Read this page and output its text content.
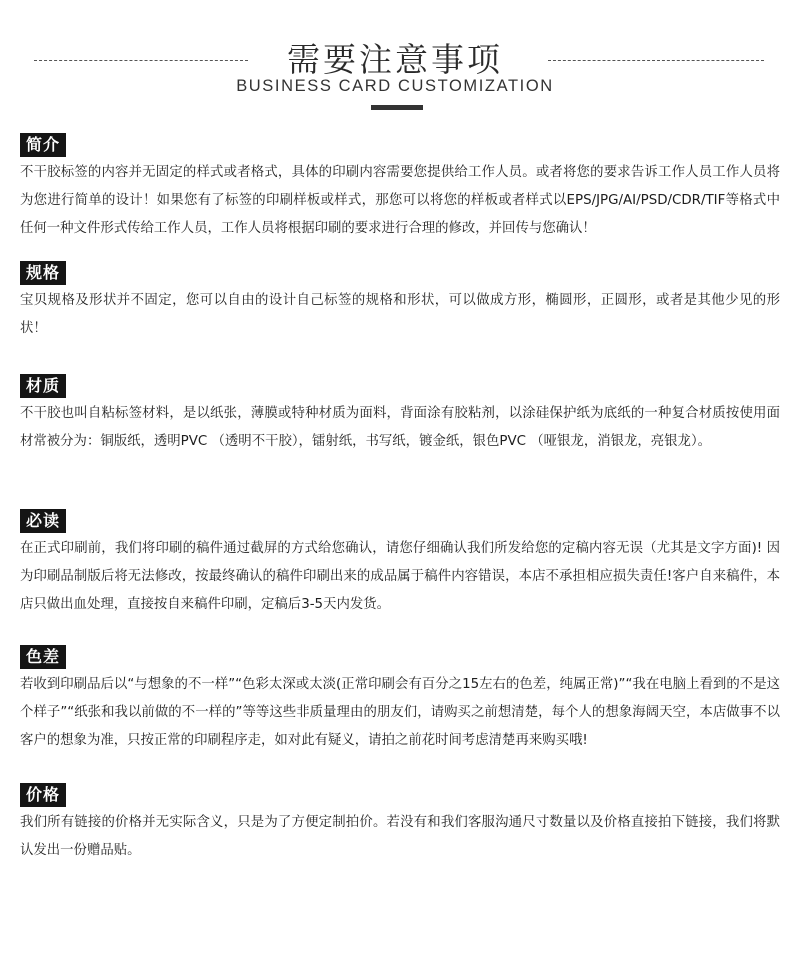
需要注意事项
BUSINESS CARD CUSTOMIZATION
简介
不干胶标签的内容并无固定的样式或者格式，具体的印刷内容需要您提供给工作人员。或者将您的要求告诉工作人员工作人员将为您进行简单的设计！如果您有了标签的印刷样板或样式，那您可以将您的样板或者样式以EPS/JPG/AI/PSD/CDR/TIF等格式中任何一种文件形式传给工作人员，工作人员将根据印刷的要求进行合理的修改，并回传与您确认！
规格
宝贝规格及形状并不固定，您可以自由的设计自己标签的规格和形状，可以做成方形，椭圆形，正圆形，或者是其他少见的形状！
材质
不干胶也叫自粘标签材料，是以纸张，薄膜或特种材质为面料，背面涂有胶粘剂，以涂硅保护纸为底纸的一种复合材质按使用面材常被分为：铜版纸，透明PVC （透明不干胶），镭射纸，书写纸，镀金纸，银色PVC （哑银龙，消银龙，亮银龙）。
必读
在正式印刷前，我们将印刷的稿件通过截屏的方式给您确认，请您仔细确认我们所发给您的定稿内容无误（尤其是文字方面)! 因为印刷品制版后将无法修改，按最终确认的稿件印刷出来的成品属于稿件内容错误，本店不承担相应损失责任!客户自来稿件，本店只做出血处理，直接按自来稿件印刷，定稿后3-5天内发货。
色差
若收到印刷品后以“与想象的不一样”“色彩太深或太淡(正常印刷会有百分之15左右的色差，纯属正常)”“我在电脑上看到的不是这个样子”“纸张和我以前做的不一样的”等等这些非质量理由的朋友们，请购买之前想清楚，每个人的想象海阔天空，本店做事不以客户的想象为准，只按正常的印刷程序走，如对此有疑义，请拍之前花时间考虑清楚再来购买哦!
价格
我们所有链接的价格并无实际含义，只是为了方便定制拍价。若没有和我们客服沟通尺寸数量以及价格直接拍下链接，我们将默认发出一份赠品贴。
